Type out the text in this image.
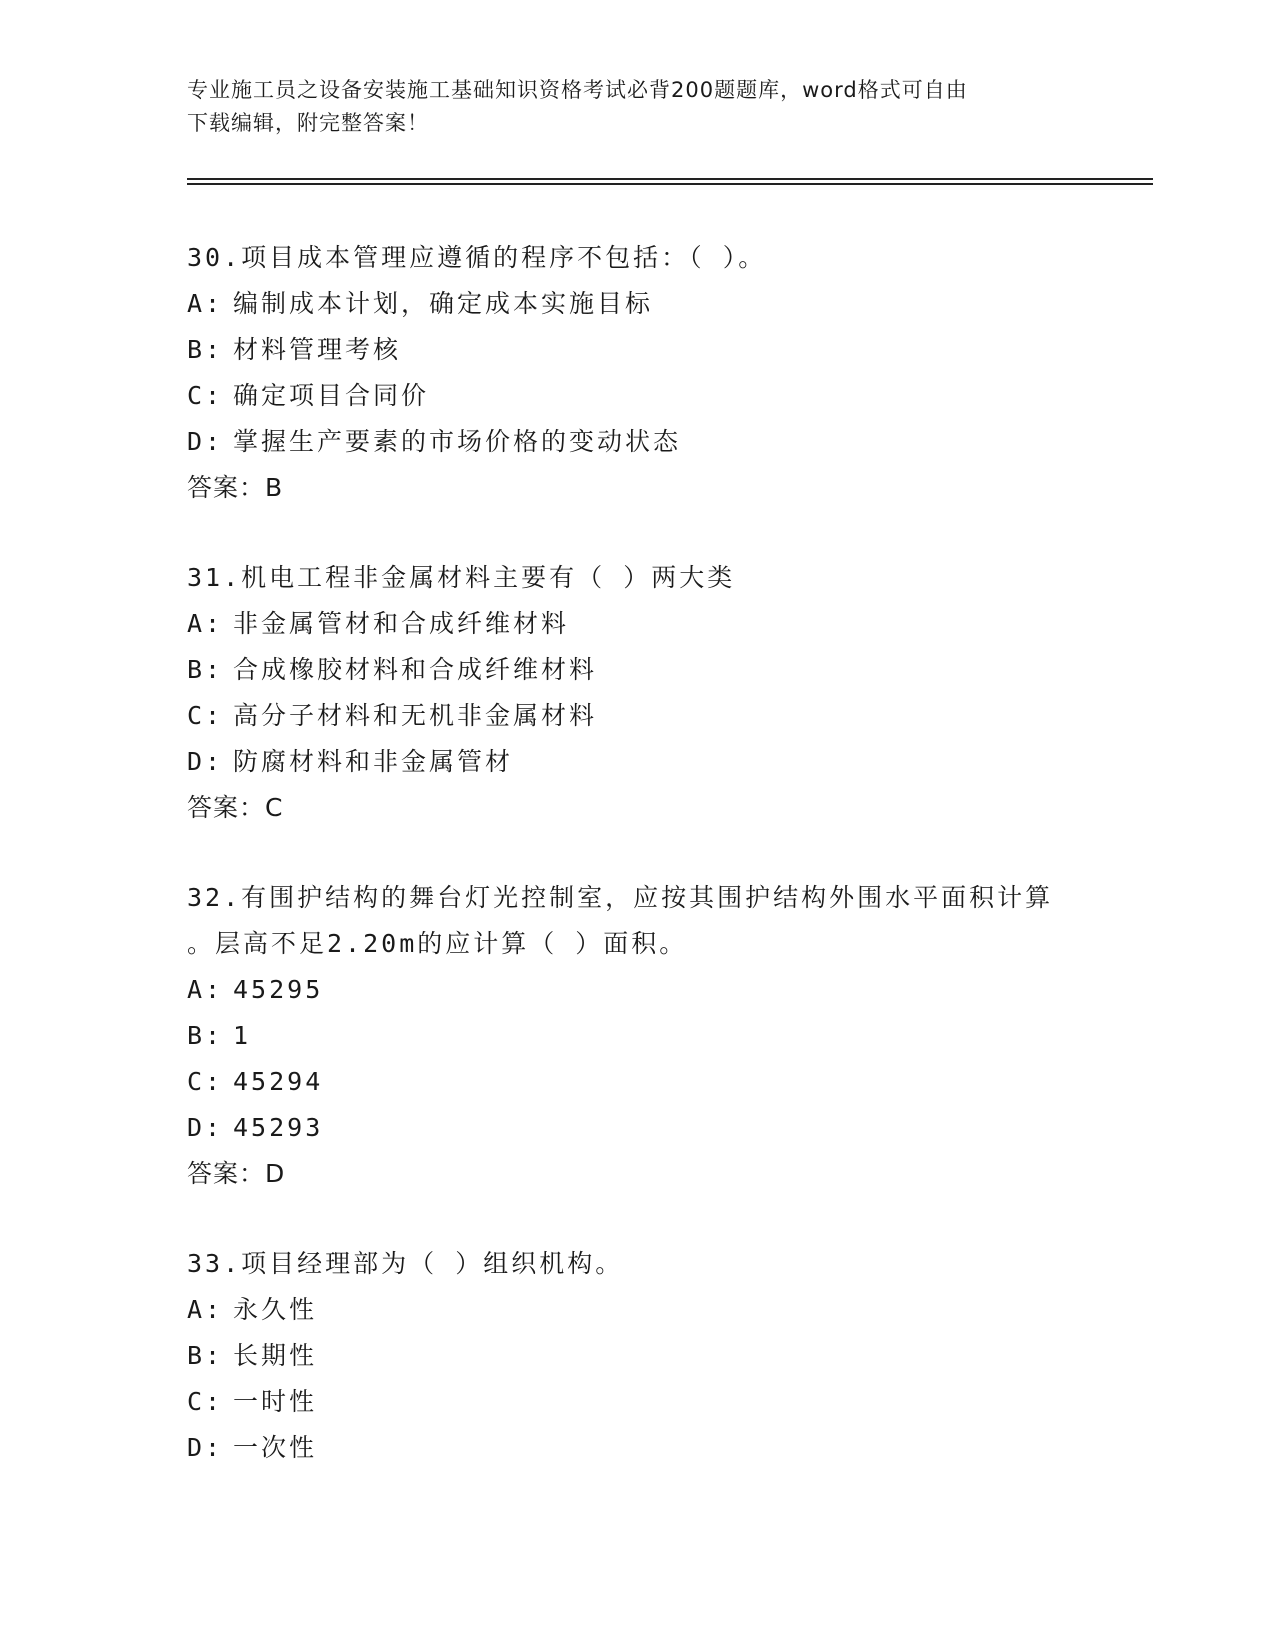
专业施工员之设备安装施工基础知识资格考试必背200题题库，word格式可自由
下载编辑，附完整答案！
30.项目成本管理应遵循的程序不包括：（ ）。
A: 编制成本计划，确定成本实施目标
B: 材料管理考核
C: 确定项目合同价
D: 掌握生产要素的市场价格的变动状态
答案：B
31.机电工程非金属材料主要有（ ）两大类
A: 非金属管材和合成纤维材料
B: 合成橡胶材料和合成纤维材料
C: 高分子材料和无机非金属材料
D: 防腐材料和非金属管材
答案：C
32.有围护结构的舞台灯光控制室，应按其围护结构外围水平面积计算
。层高不足2.20m的应计算（ ）面积。
A: 45295
B: 1
C: 45294
D: 45293
答案：D
33.项目经理部为（ ）组织机构。
A: 永久性
B: 长期性
C: 一时性
D: 一次性
